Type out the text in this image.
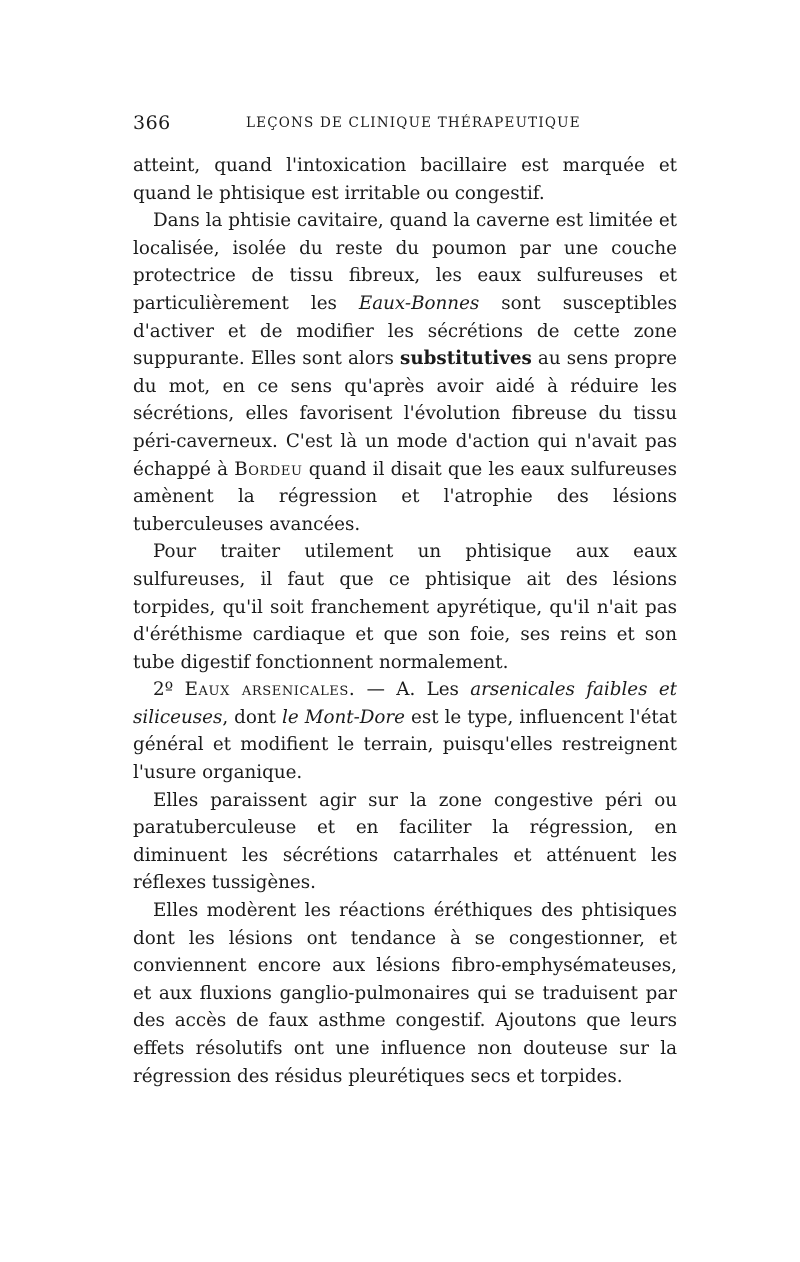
366	LEÇONS DE CLINIQUE THÉRAPEUTIQUE

atteint, quand l'intoxication bacillaire est marquée et quand le phtisique est irritable ou congestif.

Dans la phtisie cavitaire, quand la caverne est limitée et localisée, isolée du reste du poumon par une couche protectrice de tissu fibreux, les eaux sulfureuses et particulièrement les Eaux-Bonnes sont susceptibles d'activer et de modifier les sécrétions de cette zone suppurante. Elles sont alors substitutives au sens propre du mot, en ce sens qu'après avoir aidé à réduire les sécrétions, elles favorisent l'évolution fibreuse du tissu péri-caverneux. C'est là un mode d'action qui n'avait pas échappé à Bordeu quand il disait que les eaux sulfureuses amènent la régression et l'atrophie des lésions tuberculeuses avancées.

Pour traiter utilement un phtisique aux eaux sulfureuses, il faut que ce phtisique ait des lésions torpides, qu'il soit franchement apyrétique, qu'il n'ait pas d'éréthisme cardiaque et que son foie, ses reins et son tube digestif fonctionnent normalement.

2º Eaux arsenicales. — A. Les arsenicales faibles et siliceuses, dont le Mont-Dore est le type, influencent l'état général et modifient le terrain, puisqu'elles restreignent l'usure organique.

Elles paraissent agir sur la zone congestive péri ou paratuberculeuse et en faciliter la régression, en diminuent les sécrétions catarrhales et atténuent les réflexes tussigènes.

Elles modèrent les réactions éréthiques des phtisiques dont les lésions ont tendance à se congestionner, et conviennent encore aux lésions fibro-emphysémateuses, et aux fluxions ganglio-pulmonaires qui se traduisent par des accès de faux asthme congestif. Ajoutons que leurs effets résolutifs ont une influence non douteuse sur la régression des résidus pleurétiques secs et torpides.
